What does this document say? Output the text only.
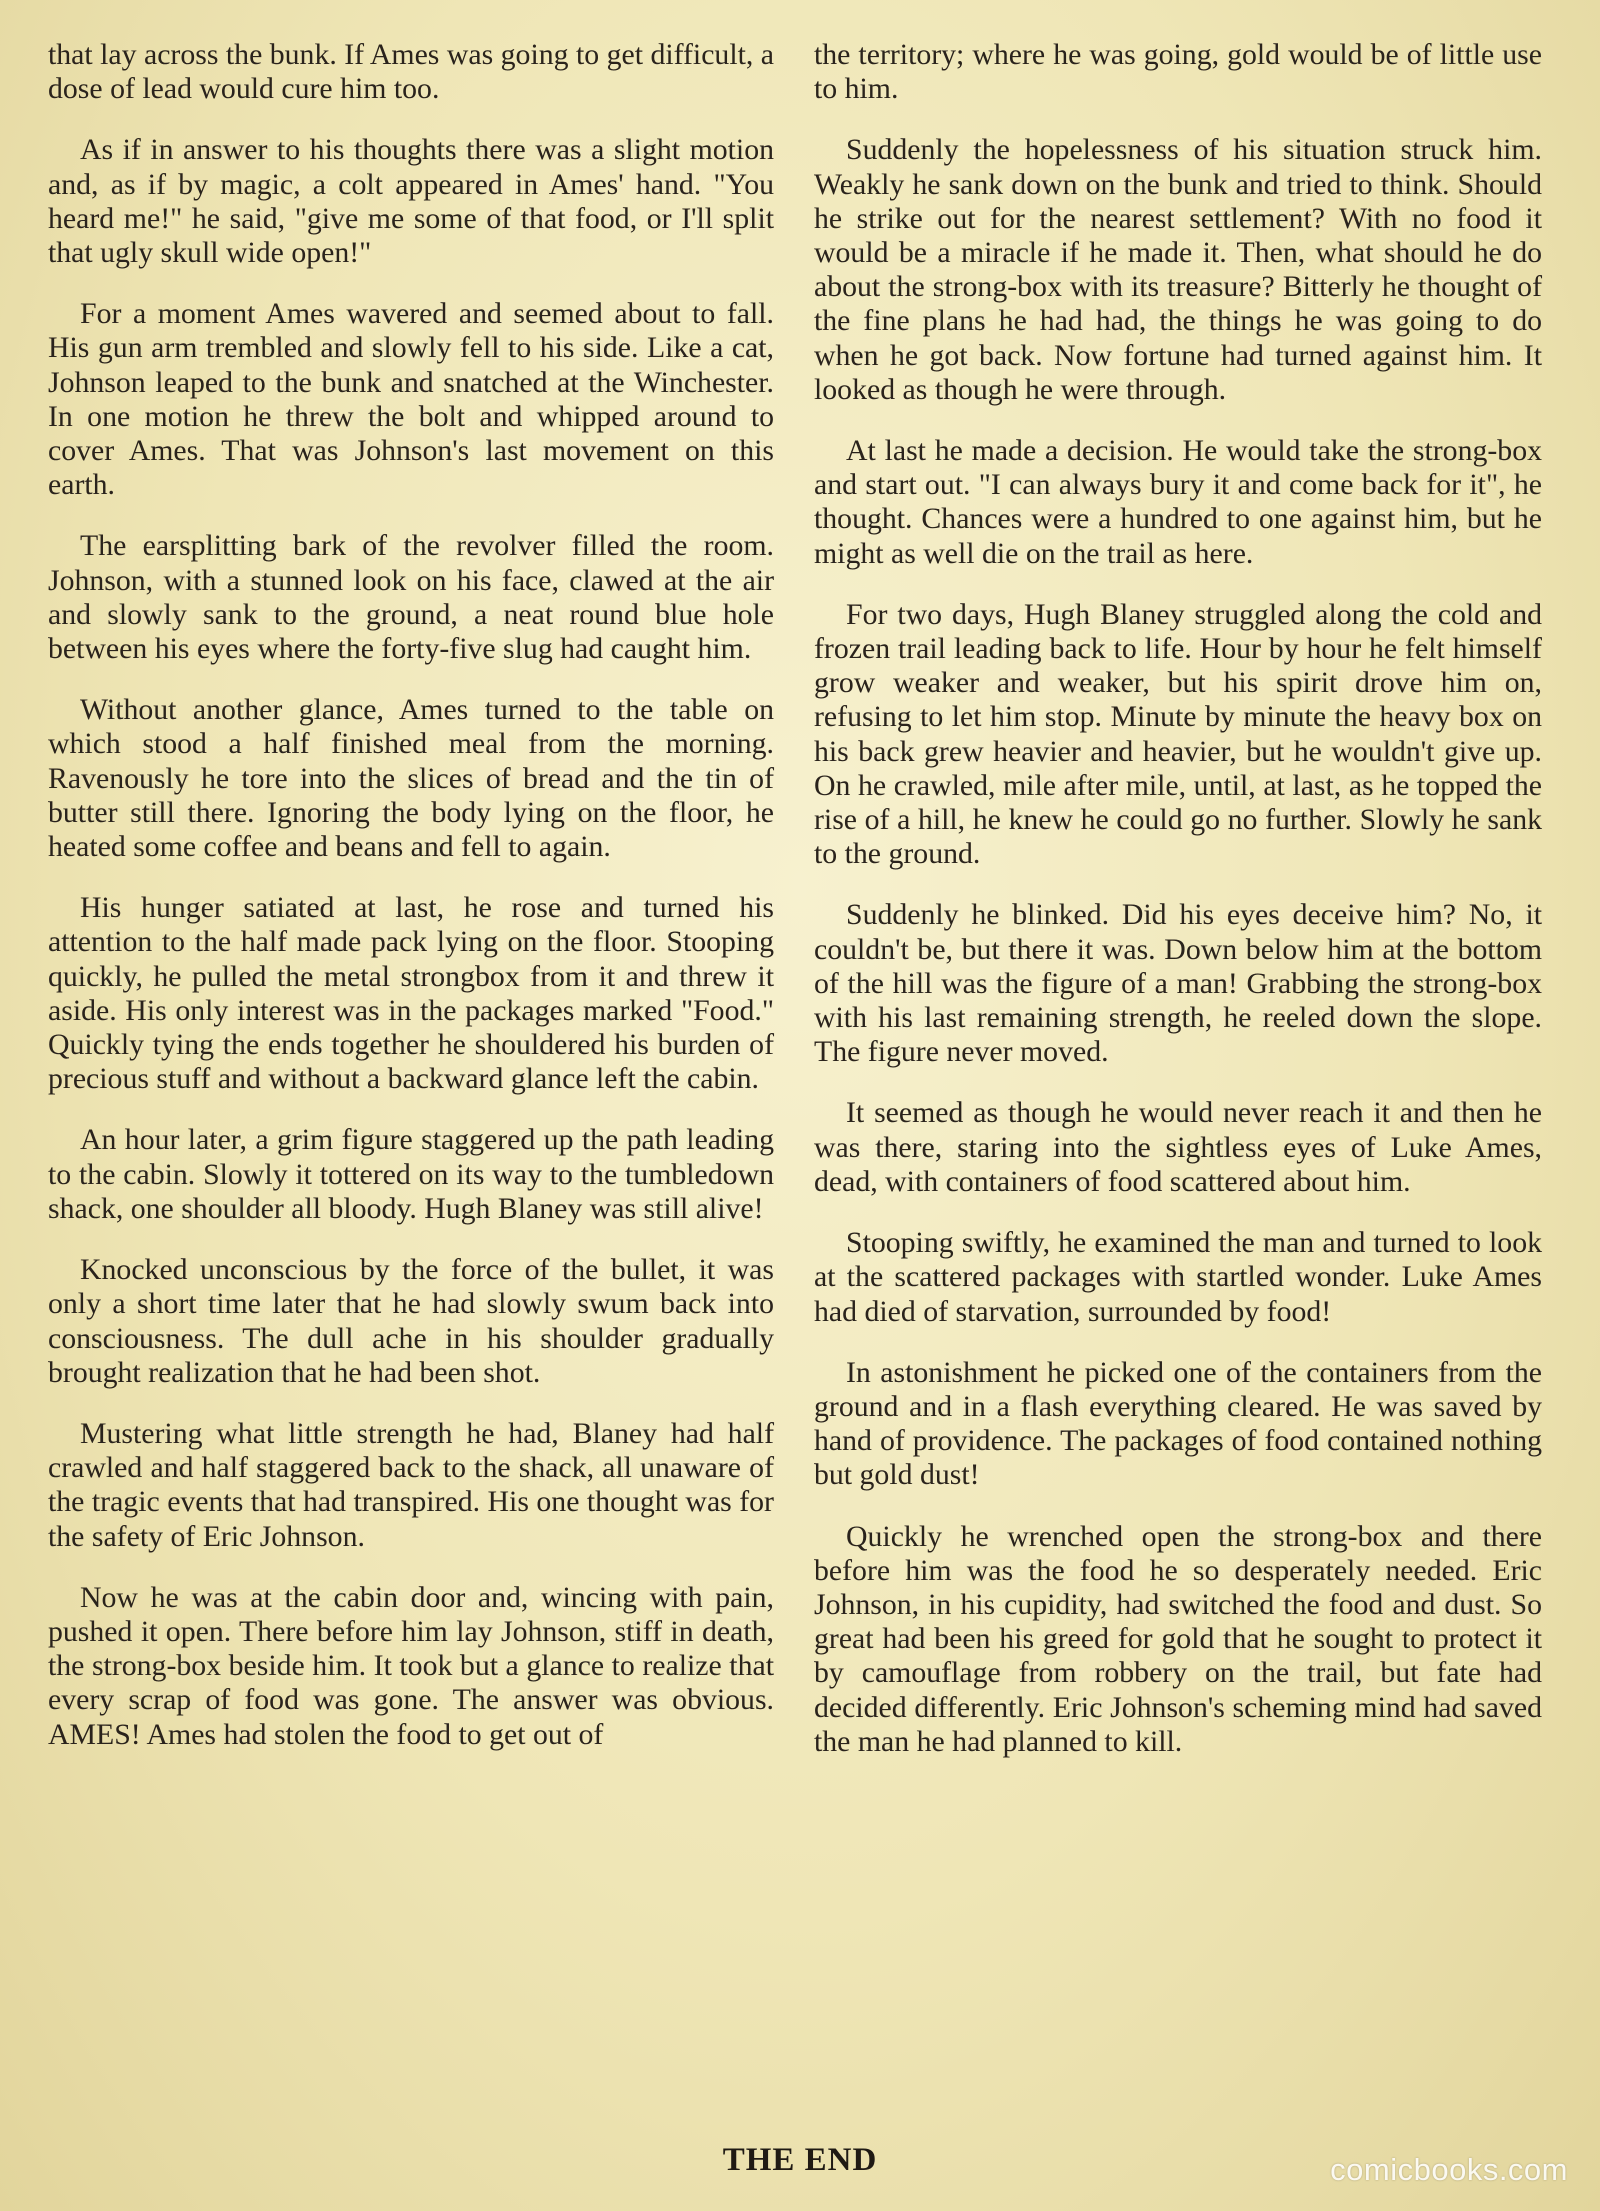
that lay across the bunk. If Ames was going to get difficult, a dose of lead would cure him too.

As if in answer to his thoughts there was a slight motion and, as if by magic, a colt appeared in Ames' hand. "You heard me!" he said, "give me some of that food, or I'll split that ugly skull wide open!"

For a moment Ames wavered and seemed about to fall. His gun arm trembled and slowly fell to his side. Like a cat, Johnson leaped to the bunk and snatched at the Winchester. In one motion he threw the bolt and whipped around to cover Ames. That was Johnson's last movement on this earth.

The earsplitting bark of the revolver filled the room. Johnson, with a stunned look on his face, clawed at the air and slowly sank to the ground, a neat round blue hole between his eyes where the forty-five slug had caught him.

Without another glance, Ames turned to the table on which stood a half finished meal from the morning. Ravenously he tore into the slices of bread and the tin of butter still there. Ignoring the body lying on the floor, he heated some coffee and beans and fell to again.

His hunger satiated at last, he rose and turned his attention to the half made pack lying on the floor. Stooping quickly, he pulled the metal strongbox from it and threw it aside. His only interest was in the packages marked "Food." Quickly tying the ends together he shouldered his burden of precious stuff and without a backward glance left the cabin.

An hour later, a grim figure staggered up the path leading to the cabin. Slowly it tottered on its way to the tumbledown shack, one shoulder all bloody. Hugh Blaney was still alive!

Knocked unconscious by the force of the bullet, it was only a short time later that he had slowly swum back into consciousness. The dull ache in his shoulder gradually brought realization that he had been shot.

Mustering what little strength he had, Blaney had half crawled and half staggered back to the shack, all unaware of the tragic events that had transpired. His one thought was for the safety of Eric Johnson.

Now he was at the cabin door and, wincing with pain, pushed it open. There before him lay Johnson, stiff in death, the strong-box beside him. It took but a glance to realize that every scrap of food was gone. The answer was obvious. AMES! Ames had stolen the food to get out of

the territory; where he was going, gold would be of little use to him.

Suddenly the hopelessness of his situation struck him. Weakly he sank down on the bunk and tried to think. Should he strike out for the nearest settlement? With no food it would be a miracle if he made it. Then, what should he do about the strong-box with its treasure? Bitterly he thought of the fine plans he had had, the things he was going to do when he got back. Now fortune had turned against him. It looked as though he were through.

At last he made a decision. He would take the strong-box and start out. "I can always bury it and come back for it", he thought. Chances were a hundred to one against him, but he might as well die on the trail as here.

For two days, Hugh Blaney struggled along the cold and frozen trail leading back to life. Hour by hour he felt himself grow weaker and weaker, but his spirit drove him on, refusing to let him stop. Minute by minute the heavy box on his back grew heavier and heavier, but he wouldn't give up. On he crawled, mile after mile, until, at last, as he topped the rise of a hill, he knew he could go no further. Slowly he sank to the ground.

Suddenly he blinked. Did his eyes deceive him? No, it couldn't be, but there it was. Down below him at the bottom of the hill was the figure of a man! Grabbing the strong-box with his last remaining strength, he reeled down the slope. The figure never moved.

It seemed as though he would never reach it and then he was there, staring into the sightless eyes of Luke Ames, dead, with containers of food scattered about him.

Stooping swiftly, he examined the man and turned to look at the scattered packages with startled wonder. Luke Ames had died of starvation, surrounded by food!

In astonishment he picked one of the containers from the ground and in a flash everything cleared. He was saved by hand of providence. The packages of food contained nothing but gold dust!

Quickly he wrenched open the strong-box and there before him was the food he so desperately needed. Eric Johnson, in his cupidity, had switched the food and dust. So great had been his greed for gold that he sought to protect it by camouflage from robbery on the trail, but fate had decided differently. Eric Johnson's scheming mind had saved the man he had planned to kill.

THE END	comicbooks.com
